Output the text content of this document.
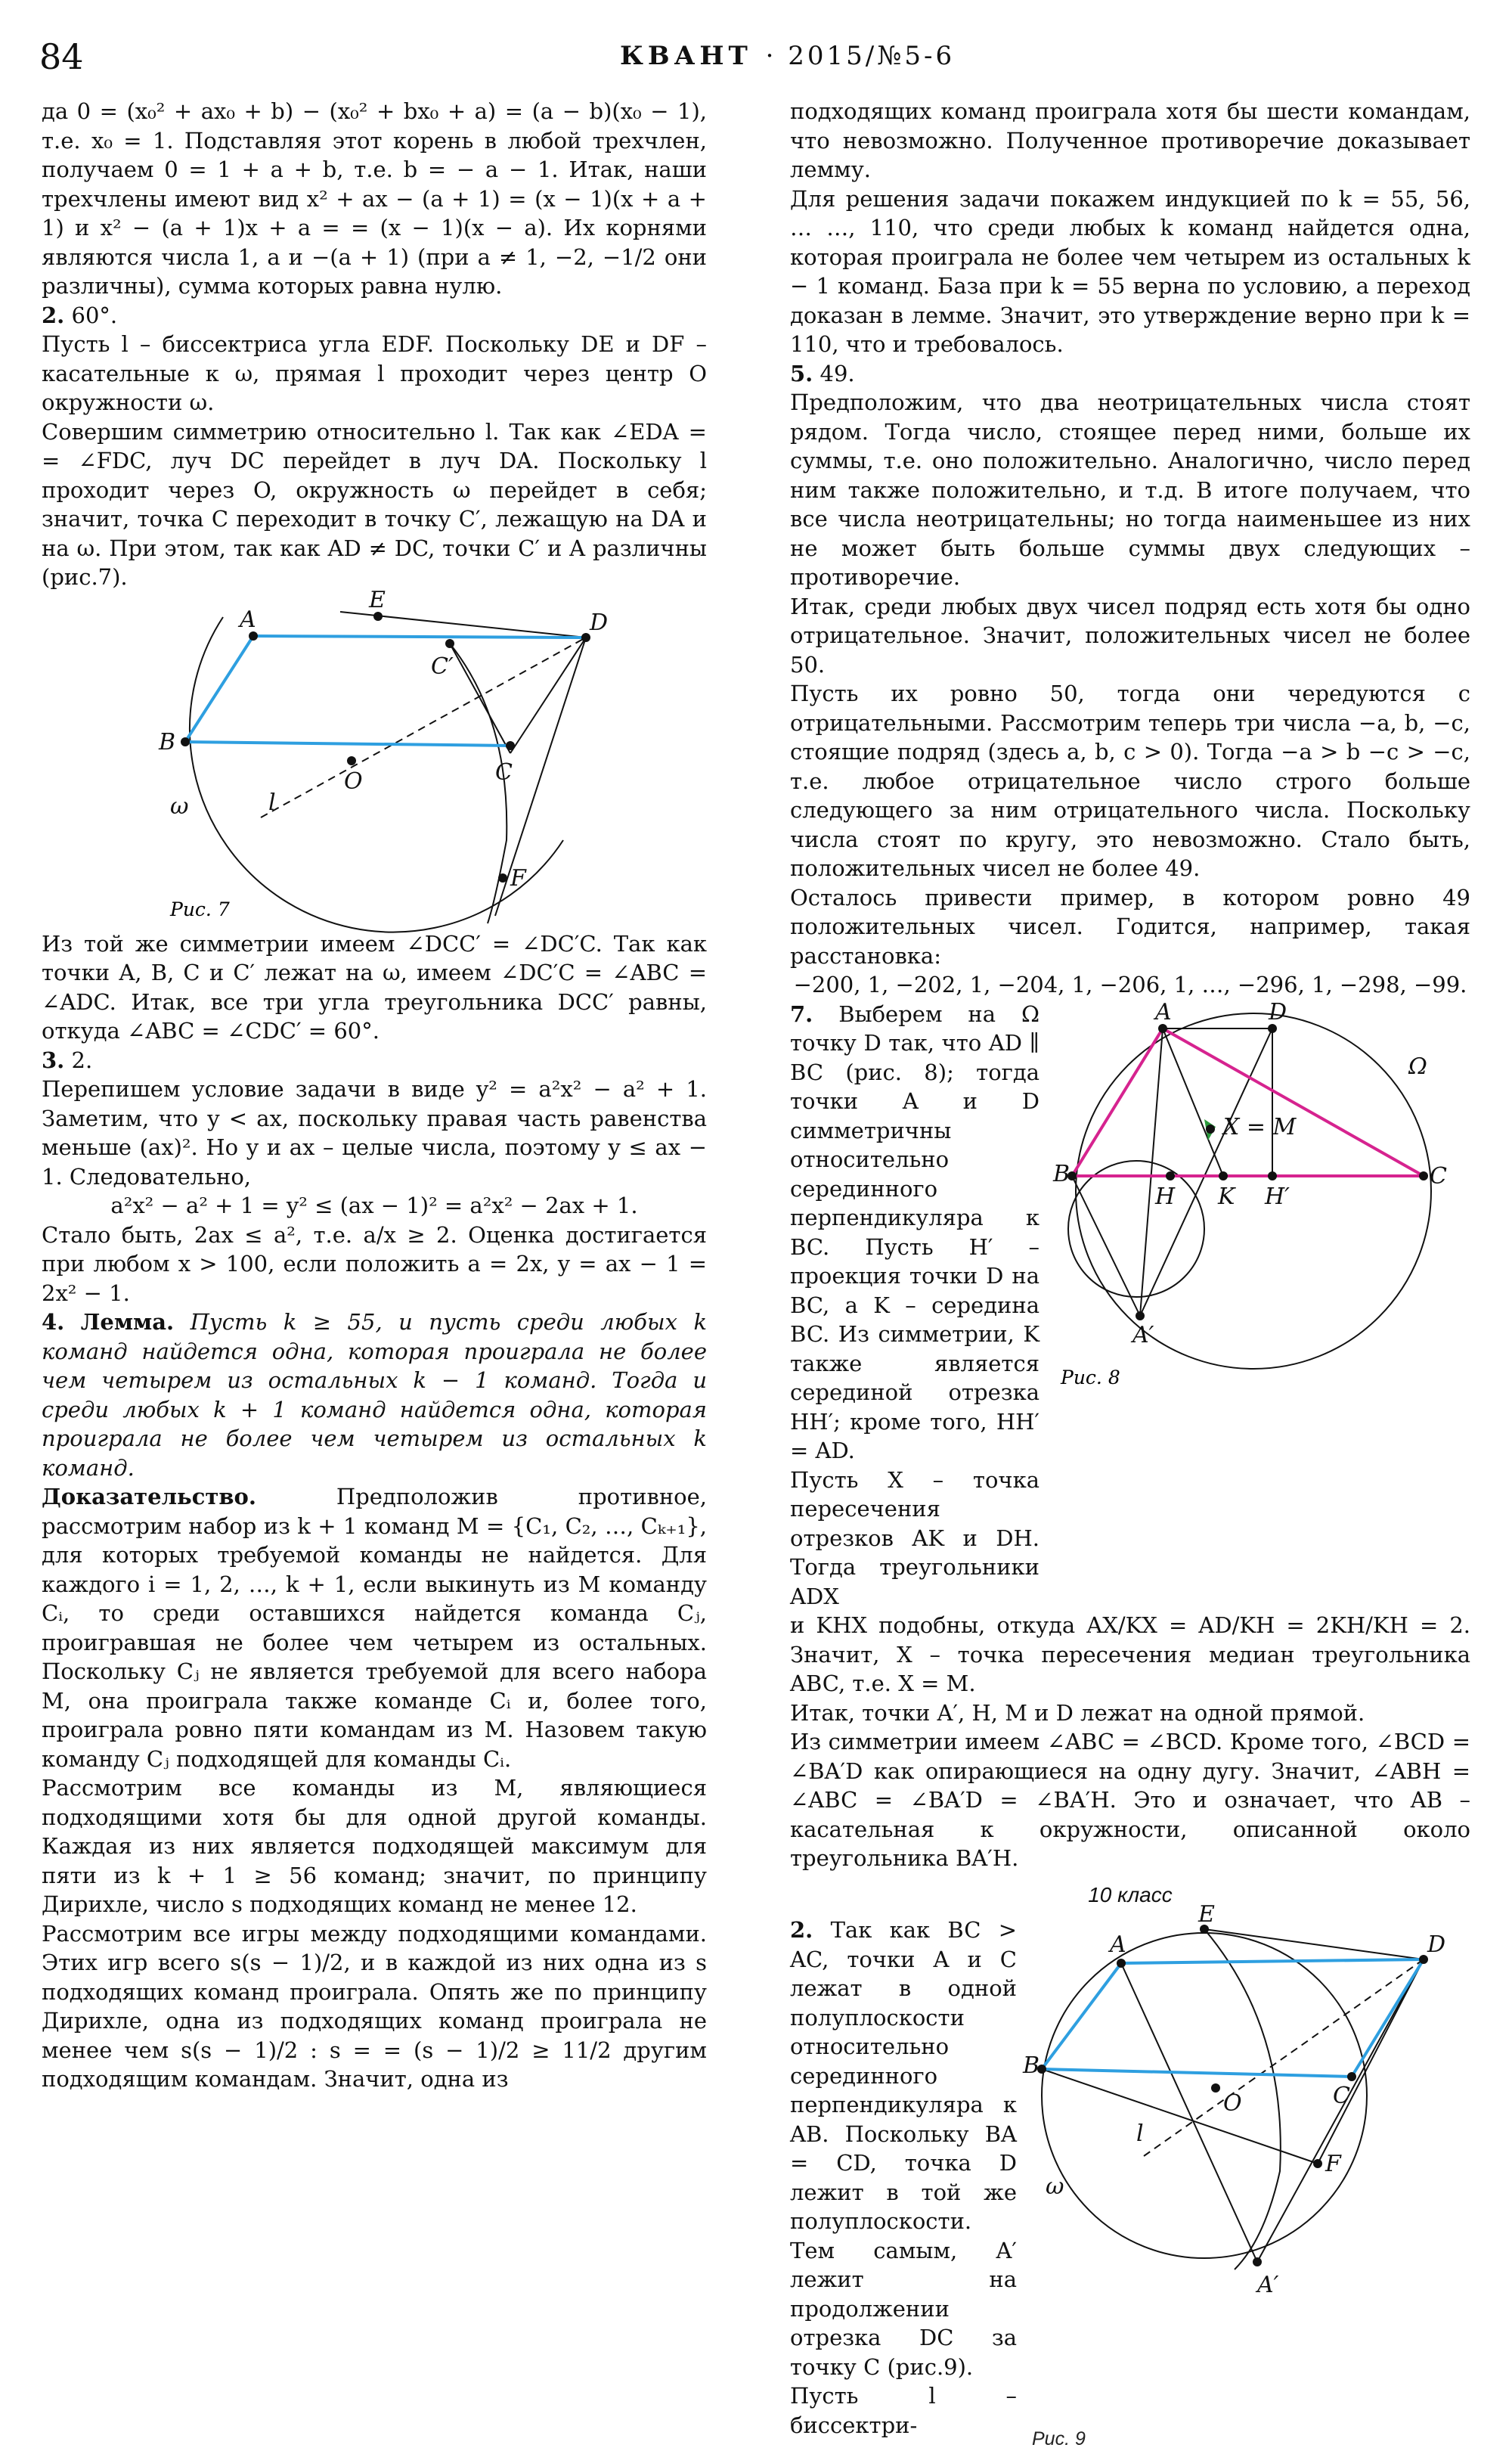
84	КВАНТ · 2015/№5-6

да 0 = (x₀² + ax₀ + b) − (x₀² + bx₀ + a) = (a − b)(x₀ − 1), т.е. x₀ = 1. Подставляя этот корень в любой трехчлен, получаем 0 = 1 + a + b, т.е. b = − a − 1. Итак, наши трехчлены имеют вид x² + ax − (a + 1) = (x − 1)(x + a + 1) и x² − (a + 1)x + a = = (x − 1)(x − a). Их корнями являются числа 1, a и −(a + 1) (при a ≠ 1, −2, −1/2 они различны), сумма которых равна нулю.

2. 60°.

Пусть l – биссектриса угла EDF. Поскольку DE и DF – касательные к ω, прямая l проходит через центр O окружности ω.

Совершим симметрию относительно l. Так как ∠EDA = = ∠FDC, луч DC перейдет в луч DA. Поскольку l проходит через O, окружность ω перейдет в себя; значит, точка C переходит в точку C′, лежащую на DA и на ω. При этом, так как AD ≠ DC, точки C′ и A различны (рис.7).

A
E
D
C′
B
O	C
l
ω
F
Рис. 7

Из той же симметрии имеем ∠DCC′ = ∠DC′C. Так как точки A, B, C и C′ лежат на ω, имеем ∠DC′C = ∠ABC = ∠ADC. Итак, все три угла треугольника DCC′ равны, откуда ∠ABC = ∠CDC′ = 60°.

3. 2.

Перепишем условие задачи в виде y² = a²x² − a² + 1. Заметим, что y < ax, поскольку правая часть равенства меньше (ax)². Но y и ax – целые числа, поэтому y ≤ ax − 1. Следовательно,

a²x² − a² + 1 = y² ≤ (ax − 1)² = a²x² − 2ax + 1.

Стало быть, 2ax ≤ a², т.е. a/x ≥ 2. Оценка достигается при любом x > 100, если положить a = 2x, y = ax − 1 = 2x² − 1.

4. Лемма. Пусть k ≥ 55, и пусть среди любых k команд найдется одна, которая проиграла не более чем четырем из остальных k − 1 команд. Тогда и среди любых k + 1 команд найдется одна, которая проиграла не более чем четырем из остальных k команд.

Доказательство.	Предположив противное, рассмотрим набор из k + 1 команд M = {C₁, C₂, …, Cₖ₊₁}, для которых требуемой команды не найдется. Для каждого i = 1, 2, …, k + 1, если выкинуть из M команду Cᵢ, то среди оставшихся найдется команда Cⱼ, проигравшая не более чем четырем из остальных. Поскольку Cⱼ не является требуемой для всего набора M, она проиграла также команде Cᵢ и, более того, проиграла ровно пяти командам из M. Назовем такую команду Cⱼ подходящей для команды Cᵢ.

Рассмотрим все команды из M, являющиеся подходящими хотя бы для одной другой команды. Каждая из них является подходящей максимум для пяти из k + 1 ≥ 56 команд; значит, по принципу Дирихле, число s подходящих команд не менее 12.

Рассмотрим все игры между подходящими командами. Этих игр всего s(s − 1)/2, и в каждой из них одна из s подходящих команд проиграла. Опять же по принципу Дирихле, одна из подходящих команд проиграла не менее чем s(s − 1)/2 : s = = (s − 1)/2 ≥ 11/2 другим подходящим командам. Значит, одна из

подходящих команд проиграла хотя бы шести командам, что невозможно. Полученное противоречие доказывает лемму.

Для решения задачи покажем индукцией по k = 55, 56, … …, 110, что среди любых k команд найдется одна, которая проиграла не более чем четырем из остальных k − 1 команд. База при k = 55 верна по условию, а переход доказан в лемме. Значит, это утверждение верно при k = 110, что и требовалось.

5. 49.

Предположим, что два неотрицательных числа стоят рядом. Тогда число, стоящее перед ними, больше их суммы, т.е. оно положительно. Аналогично, число перед ним также положительно, и т.д. В итоге получаем, что все числа неотрицательны; но тогда наименьшее из них не может быть больше суммы двух следующих – противоречие.

Итак, среди любых двух чисел подряд есть хотя бы одно отрицательное. Значит, положительных чисел не более 50.

Пусть их ровно 50, тогда они чередуются с отрицательными. Рассмотрим теперь три числа −a, b, −c, стоящие подряд (здесь a, b, c > 0). Тогда −a > b −c > −c, т.е. любое отрицательное число строго больше следующего за ним отрицательного числа. Поскольку числа стоят по кругу, это невозможно. Стало быть, положительных чисел не более 49.

Осталось привести пример, в котором ровно 49 положительных чисел. Годится, например, такая расстановка:

−200, 1, −202, 1, −204, 1, −206, 1, …, −296, 1, −298, −99.

7. Выберем на Ω точку D так, что AD ∥ BC (рис. 8); тогда точки A и D симметричны относительно серединного перпендикуляра к BC. Пусть H′ – проекция точки D на BC, а K – середина BC. Из симметрии, K также является серединой отрезка HH′; кроме того, HH′ = AD.

Пусть X – точка пересечения отрезков AK и DH. Тогда треугольники ADX

A	D
Ω
X = M
B
H K H′
C
A′
Рис. 8

и KHX подобны, откуда AX/KX = AD/KH = 2KH/KH = 2. Значит, X – точка пересечения медиан треугольника ABC, т.е. X = M.

Итак, точки A′, H, M и D лежат на одной прямой.

Из симметрии имеем ∠ABC = ∠BCD. Кроме того, ∠BCD = ∠BA′D как опирающиеся на одну дугу. Значит, ∠ABH = ∠ABC = ∠BA′D = ∠BA′H. Это и означает, что AB – касательная к окружности, описанной около треугольника BA′H.

10 класс

2. Так как BC > AC, точки A и C лежат в одной полуплоскости относительно серединного перпендикуляра к AB. Поскольку BA = CD, точка D лежит в той же полуплоскости. Тем самым, A′ лежит на продолжении отрезка DC за точку C (рис.9).

Пусть l – биссектри-

E
A	D
B
O	C
l
F
ω
A′
Рис. 9
